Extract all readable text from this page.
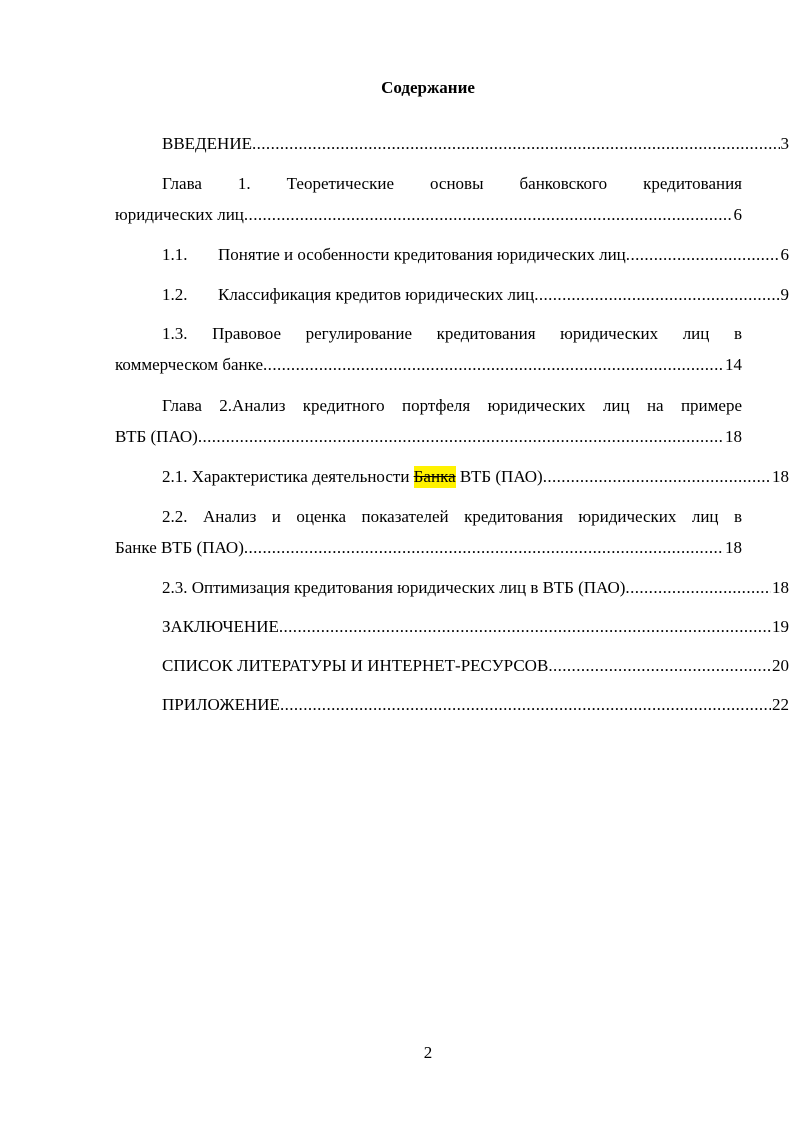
Содержание
ВВЕДЕНИЕ .....	3
Глава 1. Теоретические основы банковского кредитования
юридических лиц .....	6
1.1.	Понятие и особенности кредитования юридических лиц .....	6
1.2.	Классификация кредитов юридических лиц .....	9
1.3. Правовое регулирование кредитования юридических лиц в
коммерческом банке .....	14
Глава 2.Анализ кредитного портфеля юридических лиц на примере
ВТБ (ПАО) .....	18
2.1. Характеристика деятельности Банка ВТБ (ПАО) .....	18
2.2. Анализ и оценка показателей кредитования юридических лиц в
Банке ВТБ (ПАО) .....	18
2.3. Оптимизация кредитования юридических лиц в ВТБ (ПАО) .....	18
ЗАКЛЮЧЕНИЕ .....	19
СПИСОК ЛИТЕРАТУРЫ И ИНТЕРНЕТ-РЕСУРСОВ .....	20
ПРИЛОЖЕНИЕ .....	22
2
